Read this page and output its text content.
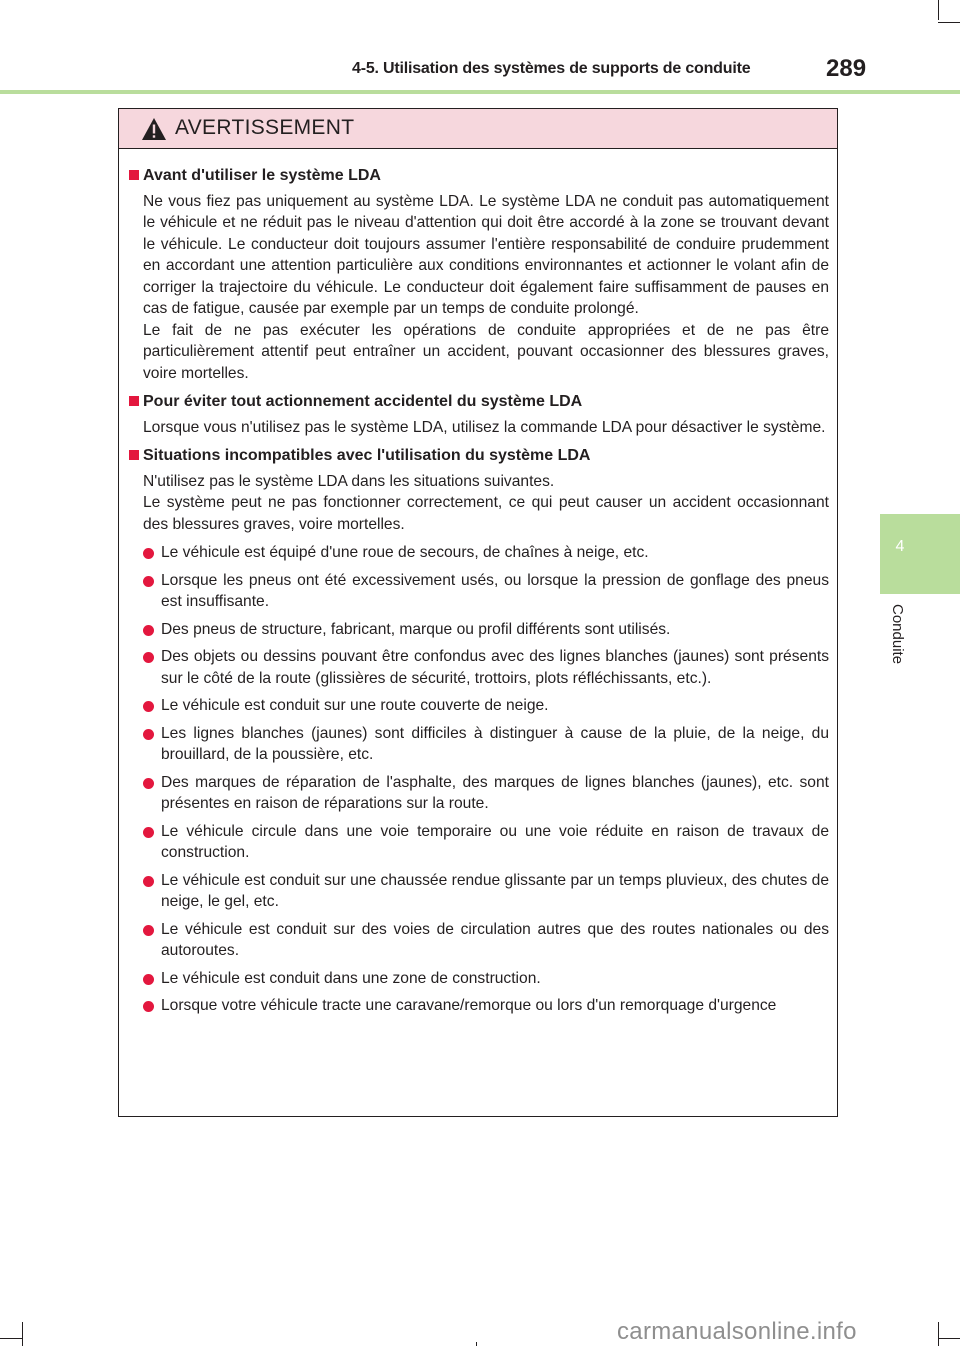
4-5. Utilisation des systèmes de supports de conduite	289
4
Conduite
AVERTISSEMENT
Avant d'utiliser le système LDA

Ne vous fiez pas uniquement au système LDA. Le système LDA ne conduit pas automatiquement le véhicule et ne réduit pas le niveau d'attention qui doit être accordé à la zone se trouvant devant le véhicule. Le conducteur doit toujours assumer l'entière responsabilité de conduire prudemment en accordant une attention particulière aux conditions environnantes et actionner le volant afin de corriger la trajectoire du véhicule. Le conducteur doit également faire suffisamment de pauses en cas de fatigue, causée par exemple par un temps de conduite prolongé.

Le fait de ne pas exécuter les opérations de conduite appropriées et de ne pas être particulièrement attentif peut entraîner un accident, pouvant occasionner des blessures graves, voire mortelles.

Pour éviter tout actionnement accidentel du système LDA

Lorsque vous n'utilisez pas le système LDA, utilisez la commande LDA pour désactiver le système.

Situations incompatibles avec l'utilisation du système LDA

N'utilisez pas le système LDA dans les situations suivantes.

Le système peut ne pas fonctionner correctement, ce qui peut causer un accident occasionnant des blessures graves, voire mortelles.

Le véhicule est équipé d'une roue de secours, de chaînes à neige, etc.
Lorsque les pneus ont été excessivement usés, ou lorsque la pression de gonflage des pneus est insuffisante.
Des pneus de structure, fabricant, marque ou profil différents sont utilisés.
Des objets ou dessins pouvant être confondus avec des lignes blanches (jaunes) sont présents sur le côté de la route (glissières de sécurité, trottoirs, plots réfléchissants, etc.).
Le véhicule est conduit sur une route couverte de neige.
Les lignes blanches (jaunes) sont difficiles à distinguer à cause de la pluie, de la neige, du brouillard, de la poussière, etc.
Des marques de réparation de l'asphalte, des marques de lignes blanches (jaunes), etc. sont présentes en raison de réparations sur la route.
Le véhicule circule dans une voie temporaire ou une voie réduite en raison de travaux de construction.
Le véhicule est conduit sur une chaussée rendue glissante par un temps pluvieux, des chutes de neige, le gel, etc.
Le véhicule est conduit sur des voies de circulation autres que des routes nationales ou des autoroutes.
Le véhicule est conduit dans une zone de construction.
Lorsque votre véhicule tracte une caravane/remorque ou lors d'un remorquage d'urgence
carmanualsonline.info
